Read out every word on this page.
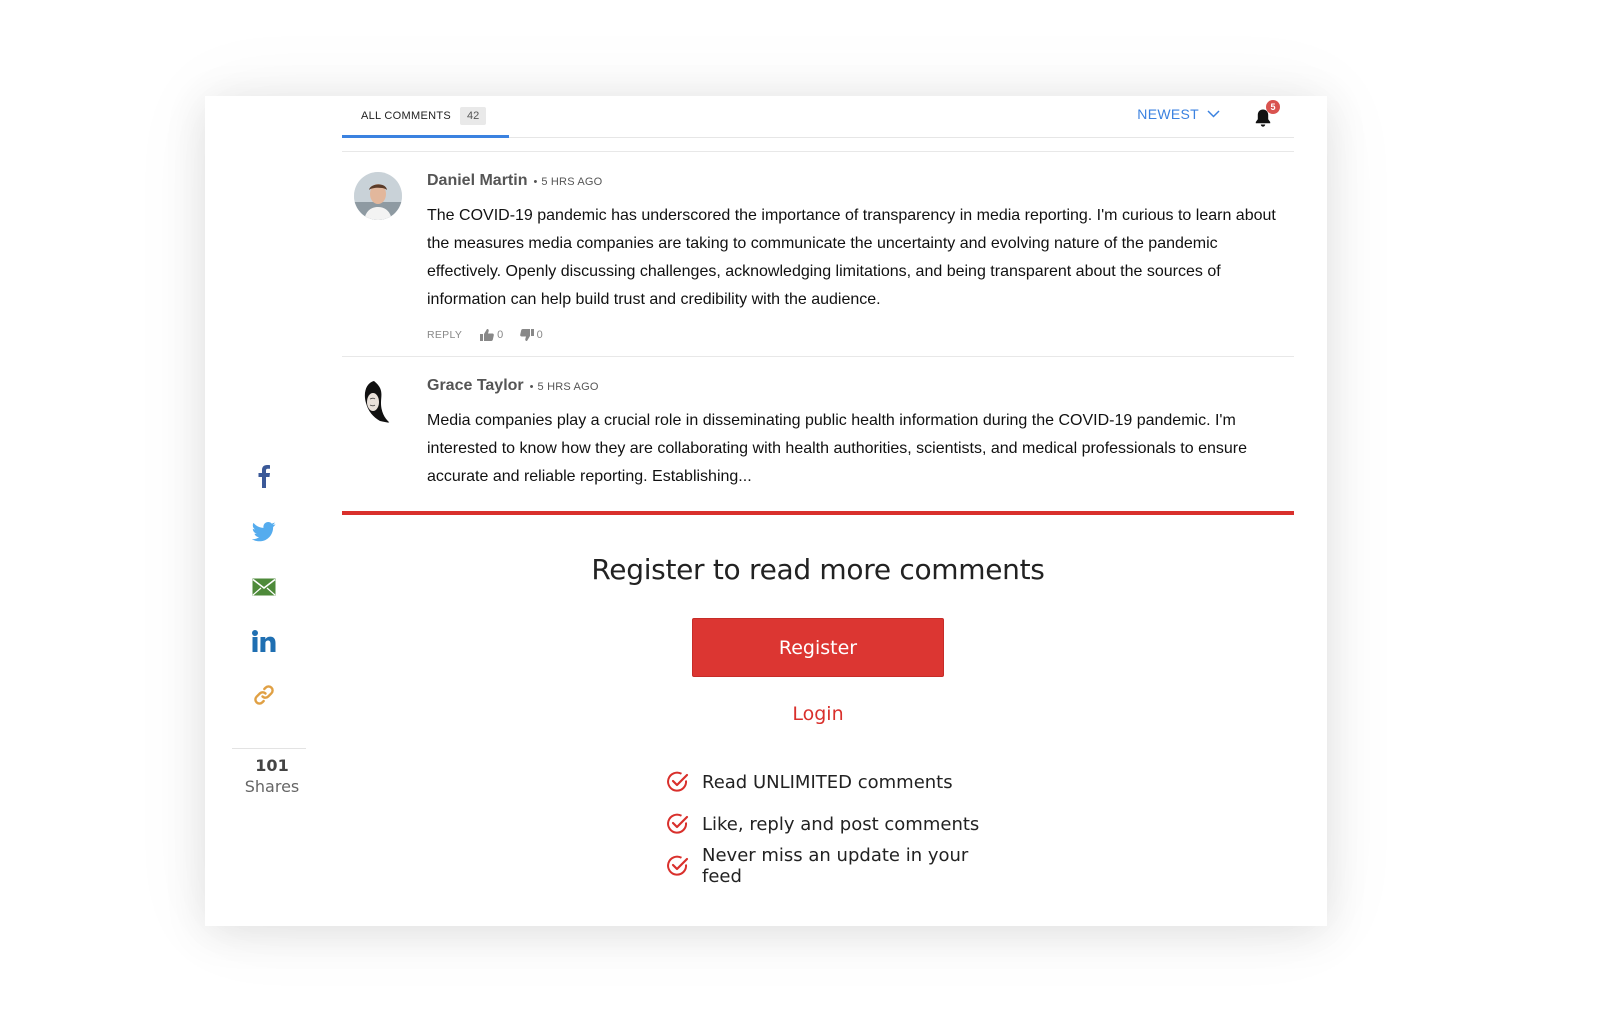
101
Shares
ALL COMMENTS	42	NEWEST	5
Daniel Martin • 5 HRS AGO
The COVID-19 pandemic has underscored the importance of transparency in media reporting. I'm curious to learn about the measures media companies are taking to communicate the uncertainty and evolving nature of the pandemic effectively. Openly discussing challenges, acknowledging limitations, and being transparent about the sources of information can help build trust and credibility with the audience.
REPLY	0	0
Grace Taylor • 5 HRS AGO
Media companies play a crucial role in disseminating public health information during the COVID-19 pandemic. I'm interested to know how they are collaborating with health authorities, scientists, and medical professionals to ensure accurate and reliable reporting. Establishing...
Register to read more comments
Register
Login
Read UNLIMITED comments
Like, reply and post comments
Never miss an update in your feed
